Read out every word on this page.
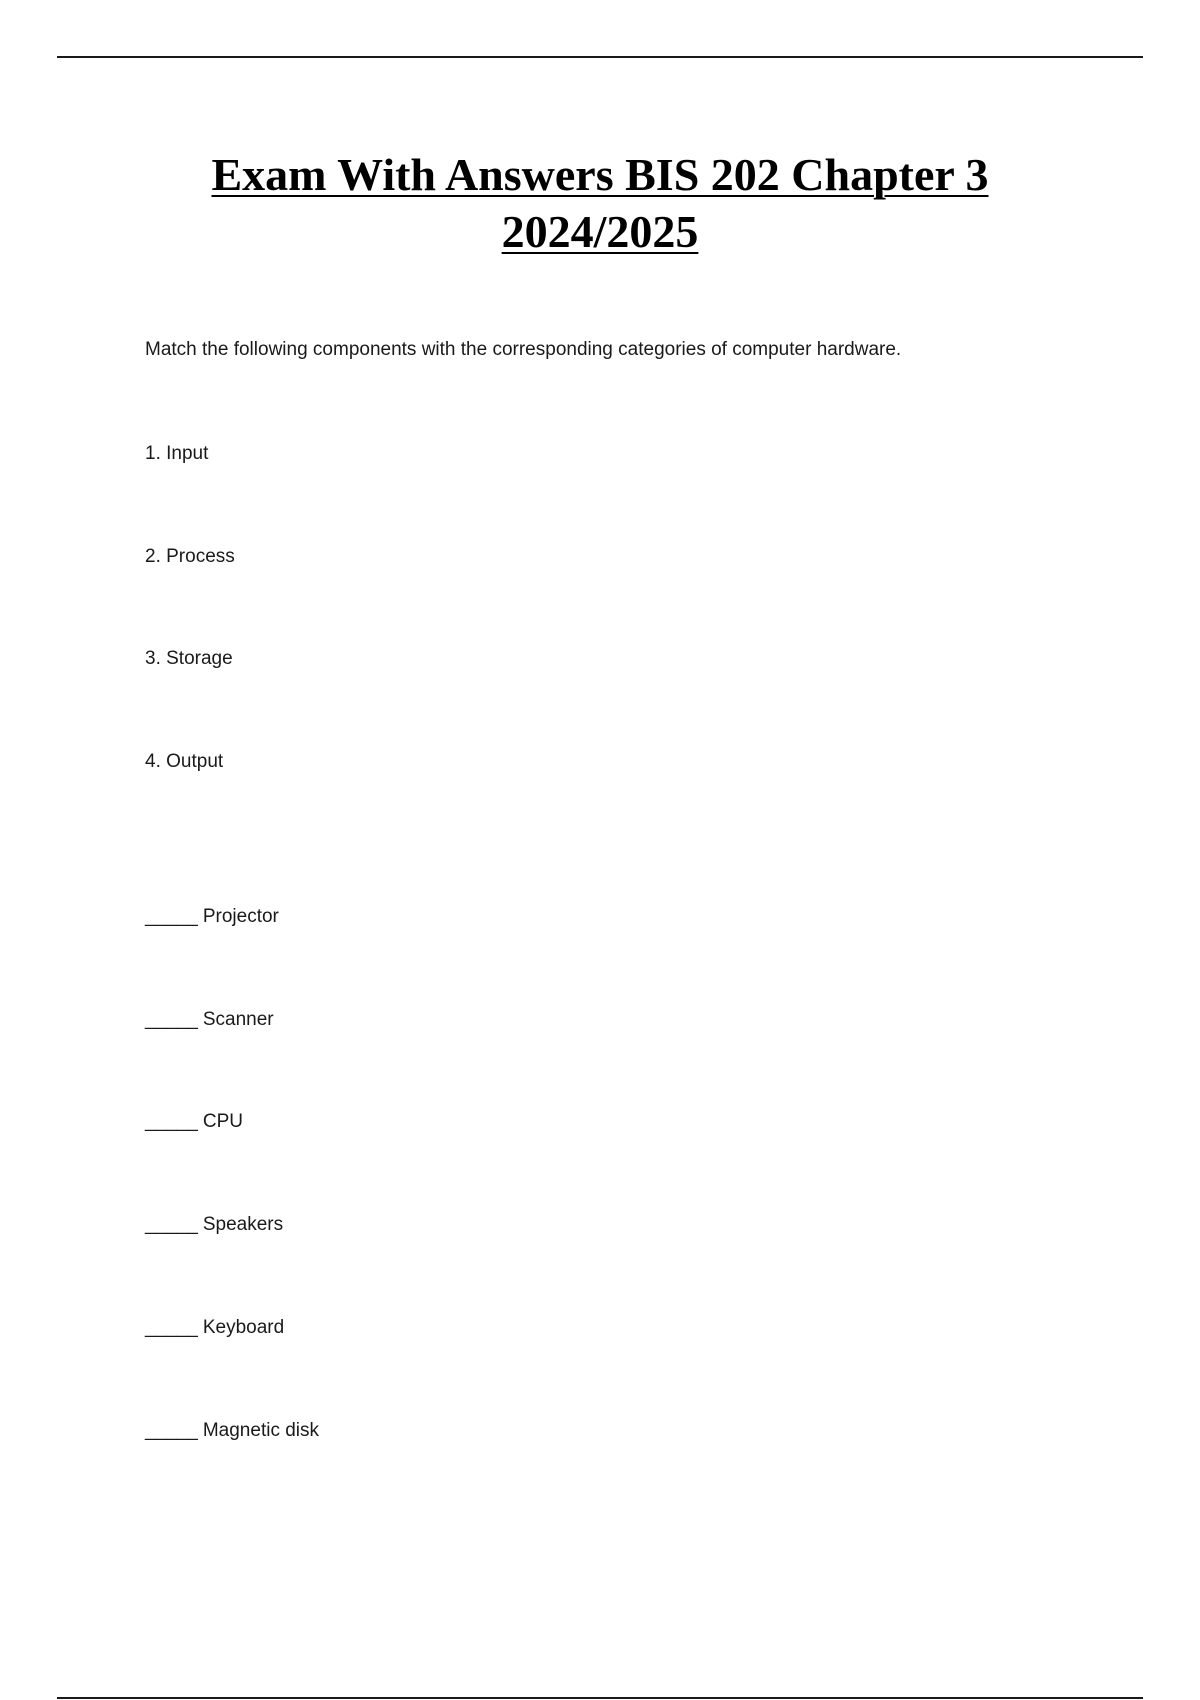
Exam With Answers BIS 202 Chapter 3
2024/2025

Match the following components with the corresponding categories of computer hardware.

1. Input

2. Process

3. Storage

4. Output

_____ Projector

_____ Scanner

_____ CPU

_____ Speakers

_____ Keyboard

_____ Magnetic disk
